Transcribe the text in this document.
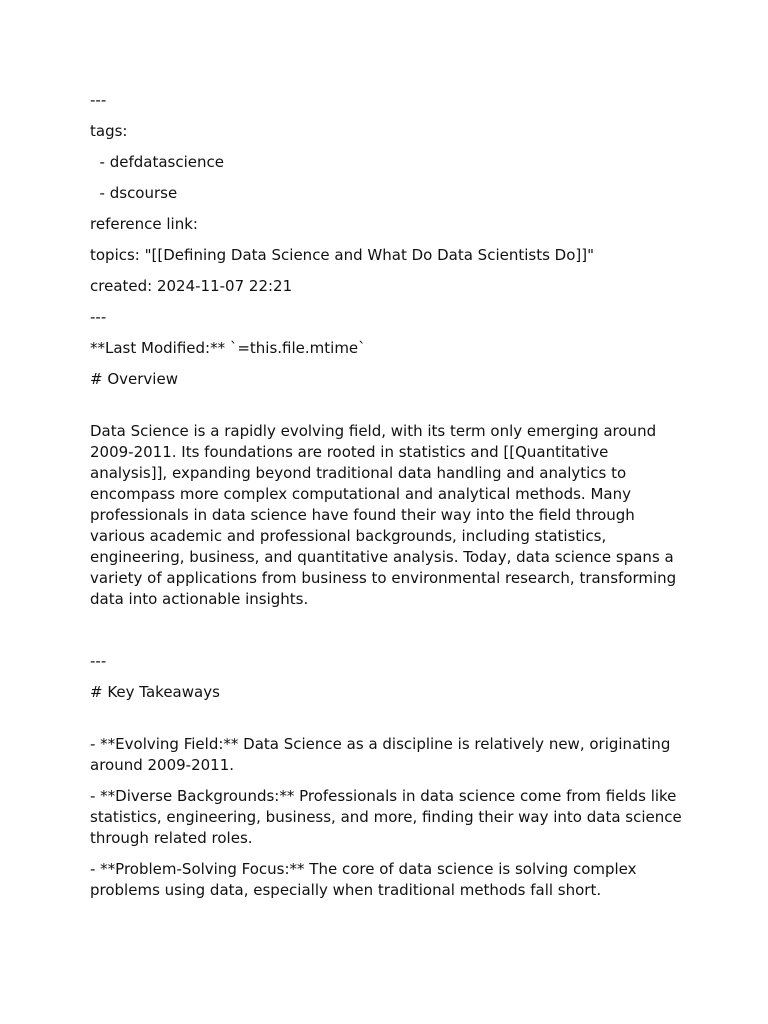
---
tags:
- defdatascience
- dscourse
reference link:
topics: "[[Defining Data Science and What Do Data Scientists Do]]"
created: 2024-11-07 22:21
---
**Last Modified:** `=this.file.mtime`
# Overview

Data Science is a rapidly evolving field, with its term only emerging around 2009-2011. Its foundations are rooted in statistics and [[Quantitative analysis]], expanding beyond traditional data handling and analytics to encompass more complex computational and analytical methods. Many professionals in data science have found their way into the field through various academic and professional backgrounds, including statistics, engineering, business, and quantitative analysis. Today, data science spans a variety of applications from business to environmental research, transforming data into actionable insights.

---
# Key Takeaways

- **Evolving Field:** Data Science as a discipline is relatively new, originating around 2009-2011.

- **Diverse Backgrounds:** Professionals in data science come from fields like statistics, engineering, business, and more, finding their way into data science through related roles.

- **Problem-Solving Focus:** The core of data science is solving complex problems using data, especially when traditional methods fall short.
